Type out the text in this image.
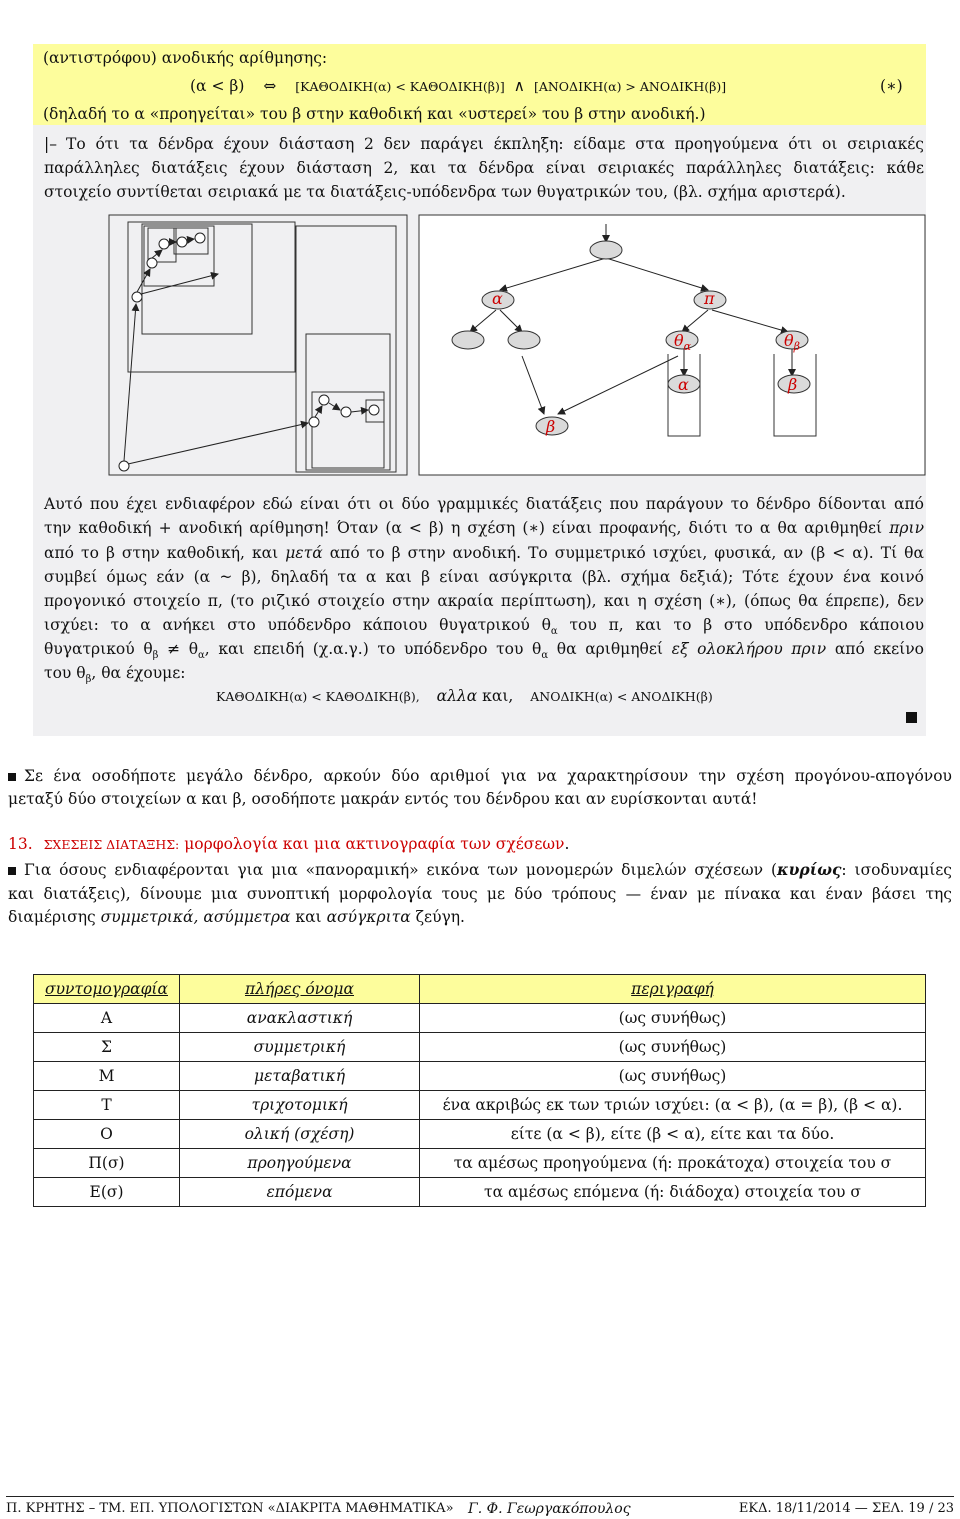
(αντιστρόφου) ανοδικής αρίθμησης:
(α < β) ⇔ [ΚΑΘΟΔΙΚΗ(α) < ΚΑΘΟΔΙΚΗ(β)] ∧ [ΑΝΟΔΙΚΗ(α) > ΑΝΟΔΙΚΗ(β)]	(∗)
(δηλαδή το α «προηγείται» του β στην καθοδική και «υστερεί» του β στην ανοδική.)
|– Το ότι τα δένδρα έχουν διάσταση 2 δεν παράγει έκπληξη: είδαμε στα προηγούμενα ότι οι σειριακές
παράλληλες διατάξεις έχουν διάσταση 2, και τα δένδρα είναι σειριακές παράλληλες διατάξεις: κάθε
στοιχείο συντίθεται σειριακά με τα διατάξεις-υπόδενδρα των θυγατρικών του, (βλ. σχήμα αριστερά).
α	π
$\theta_\alpha$	$\theta_\beta$
α	β
β
Αυτό που έχει ενδιαφέρον εδώ είναι ότι οι δύο γραμμικές διατάξεις που παράγουν το δένδρο δίδονται από
την καθοδική + ανοδική αρίθμηση! Όταν (α < β) η σχέση (∗) είναι προφανής, διότι το α θα αριθμηθεί πριν
από το β στην καθοδική, και μετά από το β στην ανοδική. Το συμμετρικό ισχύει, φυσικά, αν (β < α). Τί θα
συμβεί όμως εάν (α ~ β), δηλαδή τα α και β είναι ασύγκριτα (βλ. σχήμα δεξιά); Τότε έχουν ένα κοινό
προγονικό στοιχείο π, (το ριζικό στοιχείο στην ακραία περίπτωση), και η σχέση (∗), (όπως θα έπρεπε), δεν
ισχύει: το α ανήκει στο υπόδενδρο κάποιου θυγατρικού $\theta_\alpha$ του π, και το β στο υπόδενδρο κάποιου
θυγατρικού $\theta_\beta \ne \theta_\alpha$, και επειδή (χ.α.γ.) το υπόδενδρο του $\theta_\alpha$ θα αριθμηθεί εξ ολοκλήρου πριν από εκείνο
του $\theta_\beta$, θα έχουμε:
ΚΑΘΟΔΙΚΗ(α) < ΚΑΘΟΔΙΚΗ(β), αλλα και, ΑΝΟΔΙΚΗ(α) < ΑΝΟΔΙΚΗ(β)
Σε ένα οσοδήποτε μεγάλο δένδρο, αρκούν δύο αριθμοί για να χαρακτηρίσουν την σχέση προγόνου-απογόνου
μεταξύ δύο στοιχείων α και β, οσοδήποτε μακράν εντός του δένδρου και αν ευρίσκονται αυτά!
13. ΣΧΕΣΕΙΣ ΔΙΑΤΑΞΗΣ: μορφολογία και μια ακτινογραφία των σχέσεων.
Για όσους ενδιαφέρονται για μια «πανοραμική» εικόνα των μονομερών διμελών σχέσεων (κυρίως: ισοδυναμίες
και διατάξεις), δίνουμε μια συνοπτική μορφολογία τους με δύο τρόπους — έναν με πίνακα και έναν βάσει της
διαμέρισης συμμετρικά, ασύμμετρα και ασύγκριτα ζεύγη.
συντομογραφία	πλήρες όνομα	περιγραφή
Α	ανακλαστική	(ως συνήθως)
Σ	συμμετρική	(ως συνήθως)
Μ	μεταβατική	(ως συνήθως)
Τ	τριχοτομική	ένα ακριβώς εκ των τριών ισχύει: (α < β), (α = β), (β < α).
Ο	ολική (σχέση)	είτε (α < β), είτε (β < α), είτε και τα δύο.
Π(σ)	προηγούμενα	τα αμέσως προηγούμενα (ή: προκάτοχα) στοιχεία του σ
Ε(σ)	επόμενα	τα αμέσως επόμενα (ή: διάδοχα) στοιχεία του σ
Π. ΚΡΗΤΗΣ – ΤΜ. ΕΠ. ΥΠΟΛΟΓΙΣΤΩΝ «ΔΙΑΚΡΙΤΑ ΜΑΘΗΜΑΤΙΚΑ» Γ. Φ. Γεωργακόπουλος	ΕΚΔ. 18/11/2014 — ΣΕΛ. 19 / 23
